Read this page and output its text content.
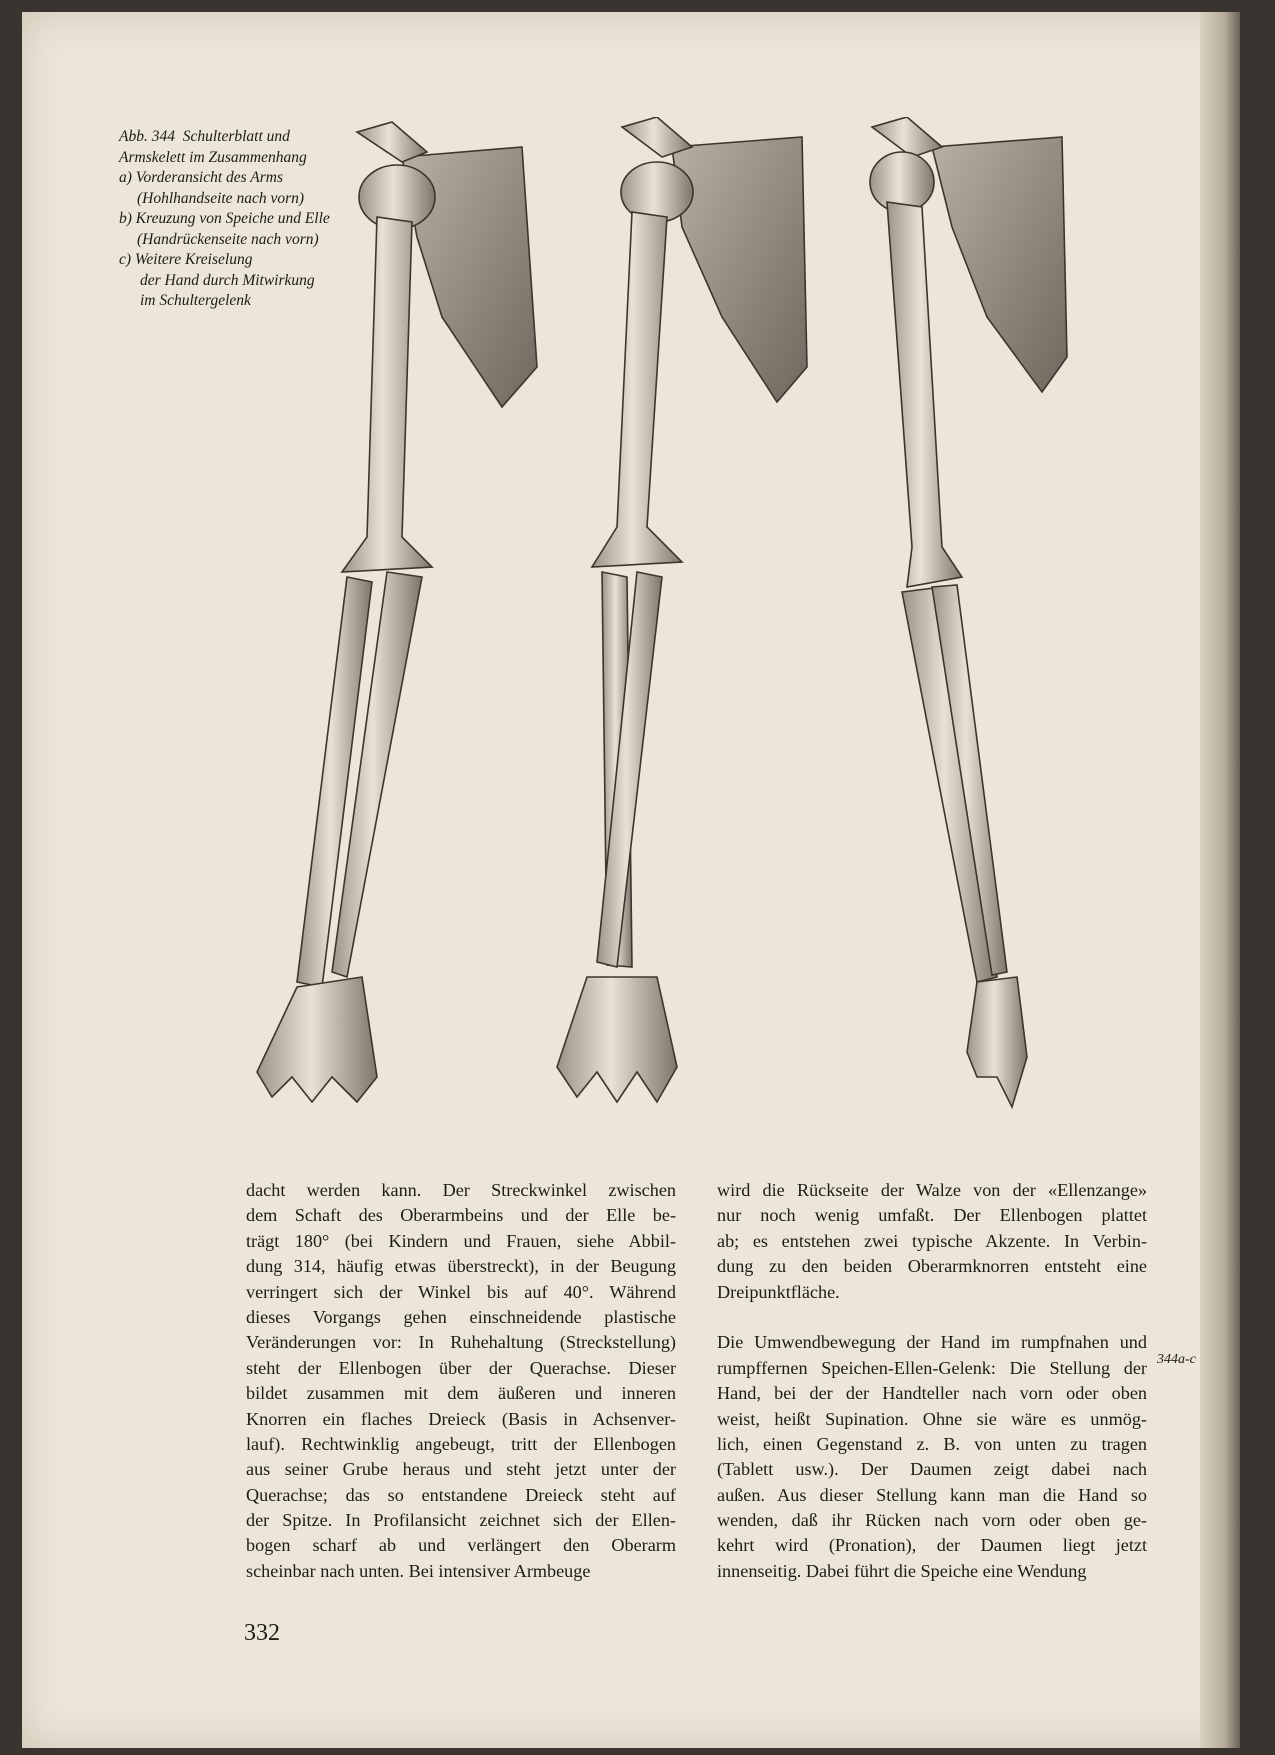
Abb. 344 Schulterblatt und
Armskelett im Zusammenhang
a) Vorderansicht des Arms
(Hohlhandseite nach vorn)
b) Kreuzung von Speiche und Elle
(Handrückenseite nach vorn)
c) Weitere Kreiselung
der Hand durch Mitwirkung
im Schultergelenk
dacht werden kann. Der Streckwinkel zwischen
dem Schaft des Oberarmbeins und der Elle be-
trägt 180° (bei Kindern und Frauen, siehe Abbil-
dung 314, häufig etwas überstreckt), in der Beugung
verringert sich der Winkel bis auf 40°. Während
dieses Vorgangs gehen einschneidende plastische
Veränderungen vor: In Ruhehaltung (Streckstellung)
steht der Ellenbogen über der Querachse. Dieser
bildet zusammen mit dem äußeren und inneren
Knorren ein flaches Dreieck (Basis in Achsenver-
lauf). Rechtwinklig angebeugt, tritt der Ellenbogen
aus seiner Grube heraus und steht jetzt unter der
Querachse; das so entstandene Dreieck steht auf
der Spitze. In Profilansicht zeichnet sich der Ellen-
bogen scharf ab und verlängert den Oberarm
scheinbar nach unten. Bei intensiver Armbeuge
wird die Rückseite der Walze von der «Ellenzange»
nur noch wenig umfaßt. Der Ellenbogen plattet
ab; es entstehen zwei typische Akzente. In Verbin-
dung zu den beiden Oberarmknorren entsteht eine
Dreipunktfläche.

Die Umwendbewegung der Hand im rumpfnahen und
rumpffernen Speichen-Ellen-Gelenk: Die Stellung der
Hand, bei der der Handteller nach vorn oder oben
weist, heißt Supination. Ohne sie wäre es unmög-
lich, einen Gegenstand z. B. von unten zu tragen
(Tablett usw.). Der Daumen zeigt dabei nach
außen. Aus dieser Stellung kann man die Hand so
wenden, daß ihr Rücken nach vorn oder oben ge-
kehrt wird (Pronation), der Daumen liegt jetzt
innenseitig. Dabei führt die Speiche eine Wendung
344a-c
332
